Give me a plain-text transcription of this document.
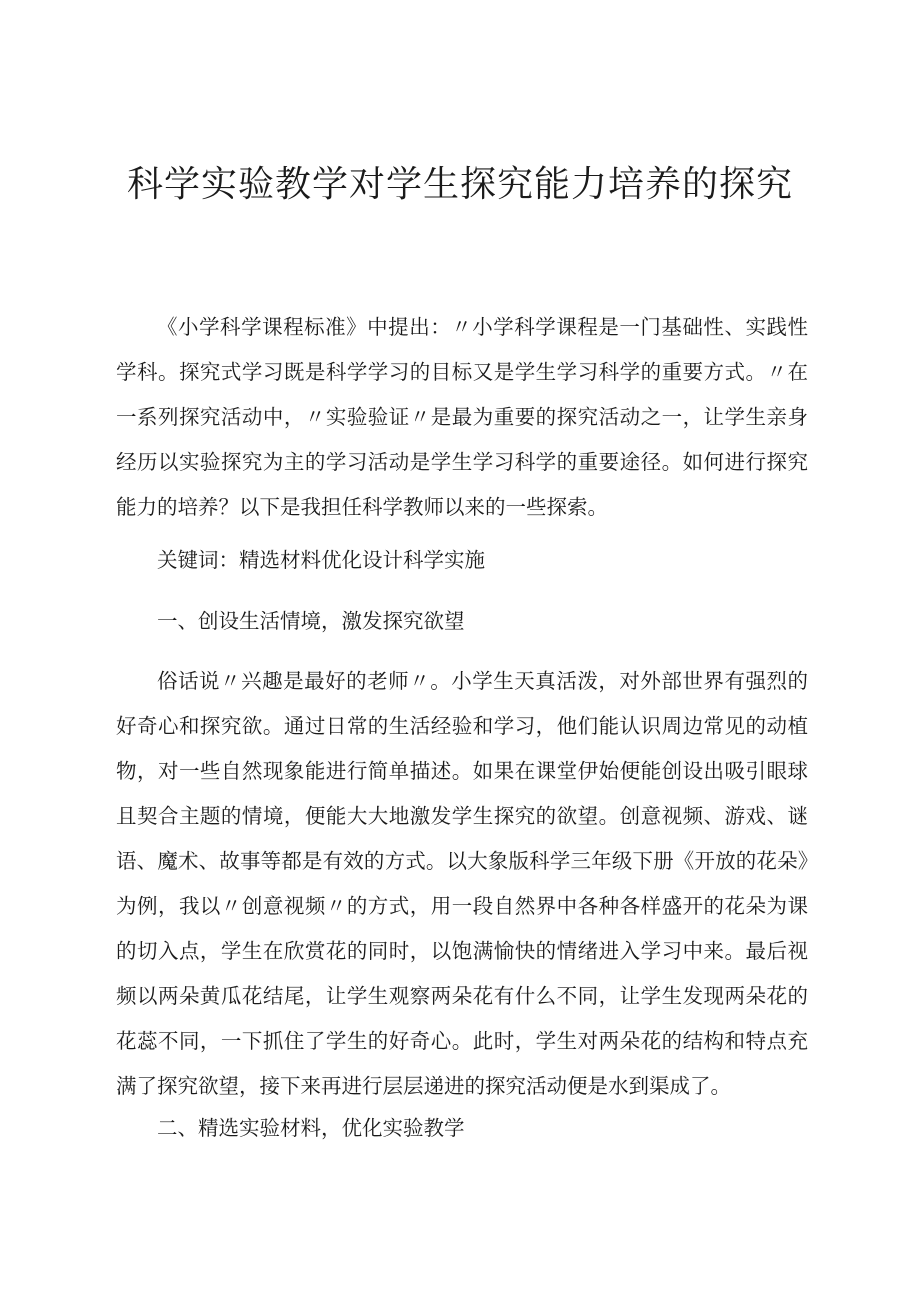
科学实验教学对学生探究能力培养的探究

《小学科学课程标准》中提出：〃小学科学课程是一门基础性、实践性学科。探究式学习既是科学学习的目标又是学生学习科学的重要方式。〃在一系列探究活动中，〃实验验证〃是最为重要的探究活动之一，让学生亲身经历以实验探究为主的学习活动是学生学习科学的重要途径。如何进行探究能力的培养？以下是我担任科学教师以来的一些探索。

关键词：精选材料优化设计科学实施

一、创设生活情境，激发探究欲望

俗话说〃兴趣是最好的老师〃。小学生天真活泼，对外部世界有强烈的好奇心和探究欲。通过日常的生活经验和学习，他们能认识周边常见的动植物，对一些自然现象能进行简单描述。如果在课堂伊始便能创设出吸引眼球且契合主题的情境，便能大大地激发学生探究的欲望。创意视频、游戏、谜语、魔术、故事等都是有效的方式。以大象版科学三年级下册《开放的花朵》为例，我以〃创意视频〃的方式，用一段自然界中各种各样盛开的花朵为课的切入点，学生在欣赏花的同时，以饱满愉快的情绪进入学习中来。最后视频以两朵黄瓜花结尾，让学生观察两朵花有什么不同，让学生发现两朵花的花蕊不同，一下抓住了学生的好奇心。此时，学生对两朵花的结构和特点充满了探究欲望，接下来再进行层层递进的探究活动便是水到渠成了。

二、精选实验材料，优化实验教学
